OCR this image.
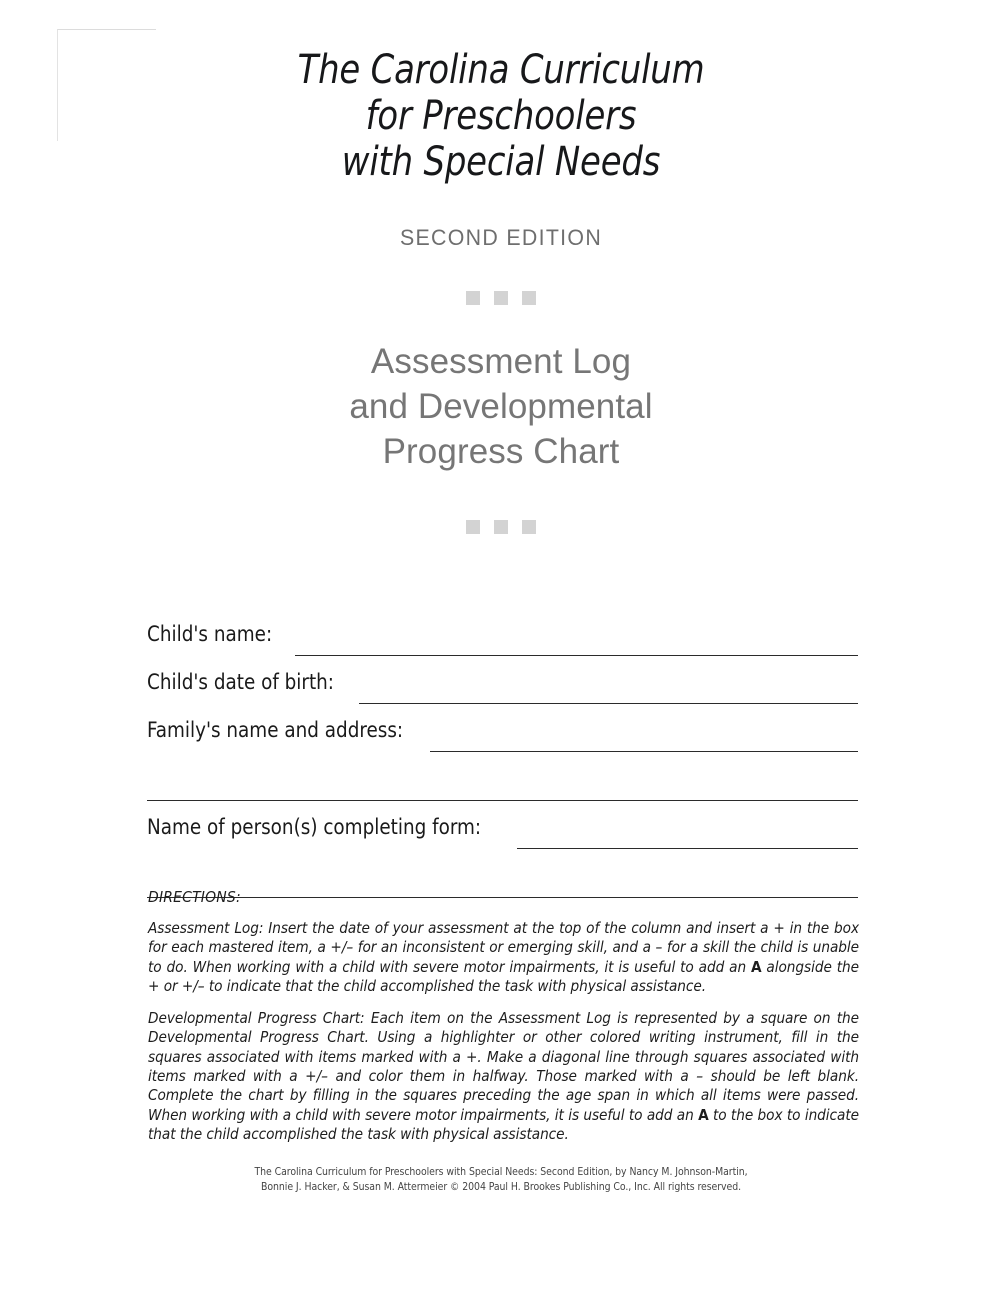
The Carolina Curriculum
for Preschoolers
with Special Needs
SECOND EDITION
Assessment Log
and Developmental
Progress Chart
Child's name:
Child's date of birth:
Family's name and address:
Name of person(s) completing form:
DIRECTIONS:

Assessment Log: Insert the date of your assessment at the top of the column and insert a + in the box for each mastered item, a +/– for an inconsistent or emerging skill, and a – for a skill the child is unable to do. When working with a child with severe motor impairments, it is useful to add an A alongside the + or +/– to indicate that the child accomplished the task with physical assistance.

Developmental Progress Chart: Each item on the Assessment Log is represented by a square on the Developmental Progress Chart. Using a highlighter or other colored writing instrument, fill in the squares associated with items marked with a +. Make a diagonal line through squares associated with items marked with a +/– and color them in halfway. Those marked with a – should be left blank. Complete the chart by filling in the squares preceding the age span in which all items were passed. When working with a child with severe motor impairments, it is useful to add an A to the box to indicate that the child accomplished the task with physical assistance.

The Carolina Curriculum for Preschoolers with Special Needs: Second Edition, by Nancy M. Johnson-Martin,
Bonnie J. Hacker, & Susan M. Attermeier © 2004 Paul H. Brookes Publishing Co., Inc. All rights reserved.
